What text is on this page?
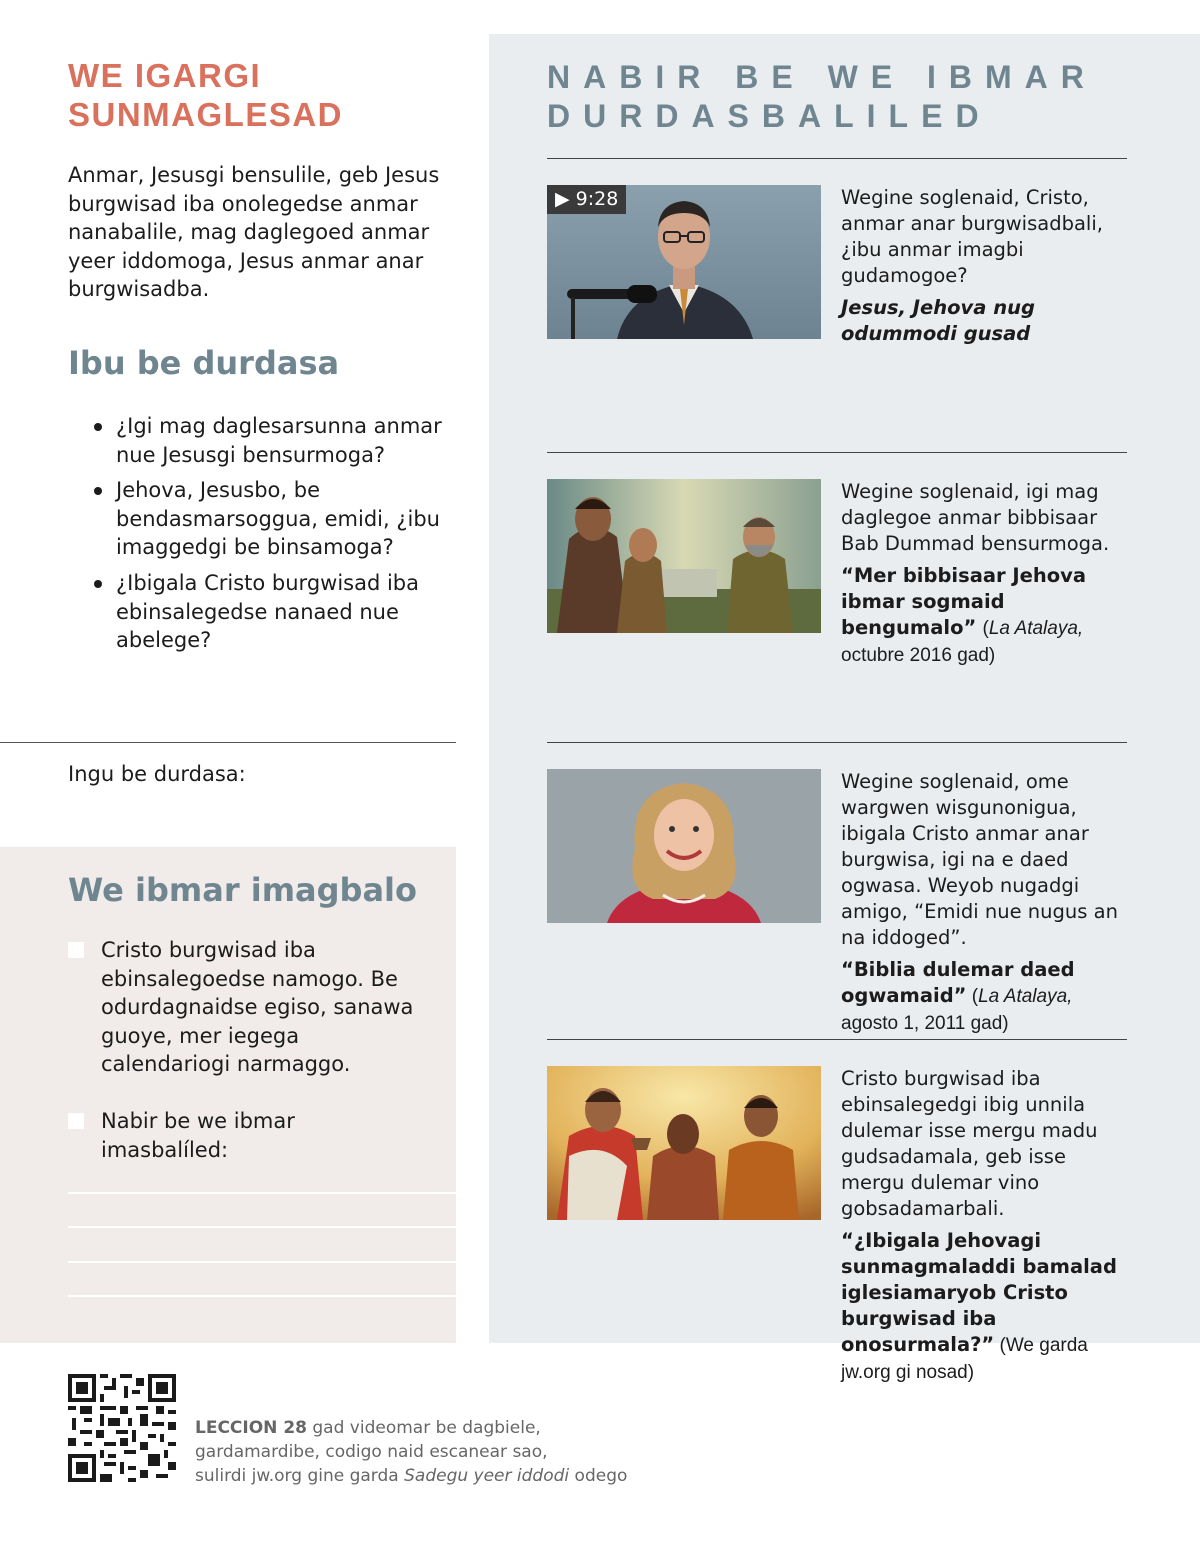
WE IGARGI SUNMAGLESAD

Anmar, Jesusgi bensulile, geb Jesus burgwisad iba onolegedse anmar nanabalile, mag daglegoed anmar yeer iddomoga, Jesus anmar anar burgwisadba.

Ibu be durdasa
¿Igi mag daglesarsunna anmar nue Jesusgi bensurmoga?
Jehova, Jesusbo, be bendasmarsoggua, emidi, ¿ibu imaggedgi be binsamoga?
¿Ibigala Cristo burgwisad iba ebinsalegedse nanaed nue abelege?
Ingu be durdasa:
We ibmar imagbalo
Cristo burgwisad iba ebinsalegoedse namogo. Be odurdagnaidse egiso, sanawa guoye, mer iegega calendariogi narmaggo.
Nabir be we ibmar imasbalíled:
NABIR BE WE IBMAR DURDASBALILED
▶ 9:28	Wegine soglenaid, Cristo, anmar anar burgwisadbali, ¿ibu anmar imagbi gudamogoe?
Jesus, Jehova nug odummodi gusad
Wegine soglenaid, igi mag daglegoe anmar bibbisaar Bab Dummad bensurmoga.
“Mer bibbisaar Jehova ibmar sogmaid bengumalo” (La Atalaya, octubre 2016 gad)
Wegine soglenaid, ome wargwen wisgunonigua, ibigala Cristo anmar anar burgwisa, igi na e daed ogwasa. Weyob nugadgi amigo, “Emidi nue nugus an na iddoged”.
“Biblia dulemar daed ogwamaid” (La Atalaya, agosto 1, 2011 gad)
Cristo burgwisad iba ebinsalegedgi ibig unnila dulemar isse mergu madu gudsadamala, geb isse mergu dulemar vino gobsadamarbali.
“¿Ibigala Jehovagi sunmagmaladdi bamalad iglesiamaryob Cristo burgwisad iba onosurmala?” (We garda jw.org gi nosad)
LECCION 28 gad videomar be dagbiele,
gardamardibe, codigo naid escanear sao,
sulirdi jw.org gine garda Sadegu yeer iddodi odego
